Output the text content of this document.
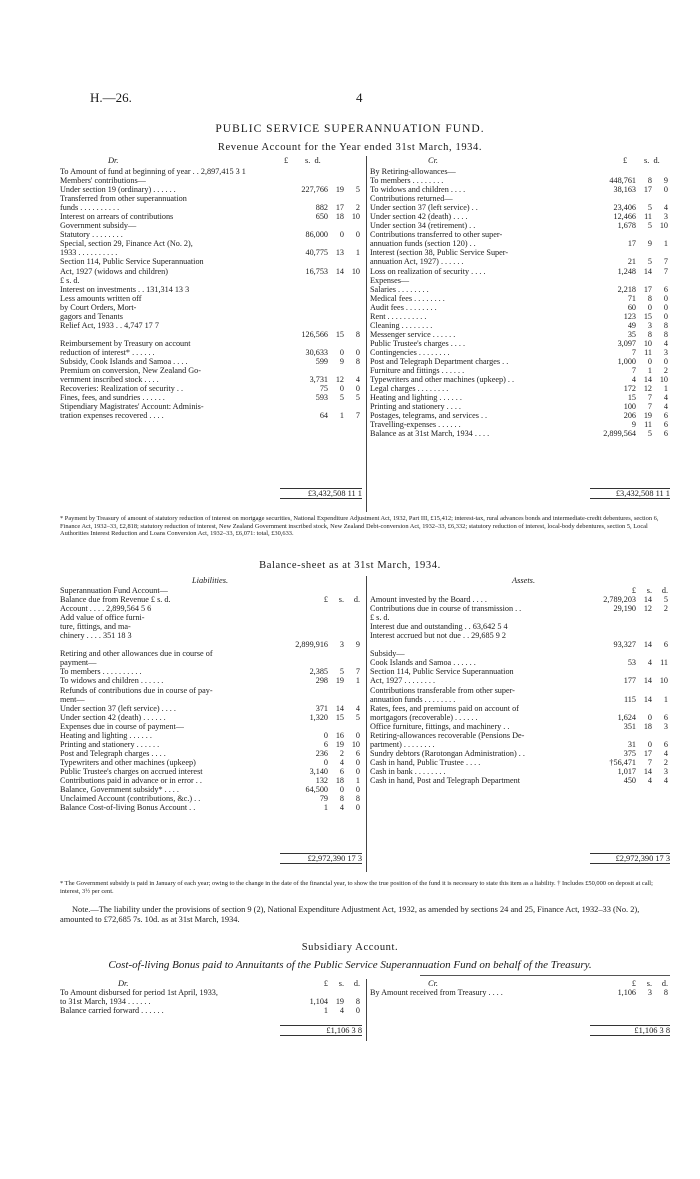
H.—26.	4
PUBLIC SERVICE SUPERANNUATION FUND.
Revenue Account for the Year ended 31st March, 1934.
Dr.	£ s. d.
To Amount of fund at beginning of year . . 2,897,415 3 1			
Members' contributions—			
Under section 19 (ordinary) . . . . . .	227,766	19	5
Transferred from other superannuation			
funds . . . . . . . . . .	882	17	2
Interest on arrears of contributions	650	18	10
Government subsidy—			
Statutory . . . . . . . .	86,000	0	0
Special, section 29, Finance Act (No. 2),			
1933 . . . . . . . . . .	40,775	13	1
Section 114, Public Service Superannuation			
Act, 1927 (widows and children)	16,753	14	10
£ s. d.			
Interest on investments . . 131,314 13 3			
Less amounts written off			
by Court Orders, Mort-			
gagors and Tenants			
Relief Act, 1933 . . 4,747 17 7			
	126,566	15	8
Reimbursement by Treasury on account			
reduction of interest* . . . . . .	30,633	0	0
Subsidy, Cook Islands and Samoa . . . .	599	9	8
Premium on conversion, New Zealand Go-			
vernment inscribed stock . . . .	3,731	12	4
Recoveries: Realization of security . .	75	0	0
Fines, fees, and sundries . . . . . .	593	5	5
Stipendiary Magistrates' Account: Adminis-			
tration expenses recovered . . . .	64	1	7
Cr.	£ s. d.
By Retiring-allowances—			
To members . . . . . . . .	448,761	8	9
To widows and children . . . .	38,163	17	0
Contributions returned—			
Under section 37 (left service) . .	23,406	5	4
Under section 42 (death) . . . .	12,466	11	3
Under section 34 (retirement) . .	1,678	5	10
Contributions transferred to other super-			
annuation funds (section 120) . .	17	9	1
Interest (section 38, Public Service Super-			
annuation Act, 1927) . . . . . .	21	5	7
Loss on realization of security . . . .	1,248	14	7
Expenses—			
Salaries . . . . . . . .	2,218	17	6
Medical fees . . . . . . . .	71	8	0
Audit fees . . . . . . . .	60	0	0
Rent . . . . . . . . . .	123	15	0
Cleaning . . . . . . . .	49	3	8
Messenger service . . . . . .	35	8	8
Public Trustee's charges . . . .	3,097	10	4
Contingencies . . . . . . . .	7	11	3
Post and Telegraph Department charges . .	1,000	0	0
Furniture and fittings . . . . . .	7	1	2
Typewriters and other machines (upkeep) . .	4	14	10
Legal charges . . . . . . . .	172	12	1
Heating and lighting . . . . . .	15	7	4
Printing and stationery . . . .	100	7	4
Postages, telegrams, and services . .	206	19	6
Travelling-expenses . . . . . .	9	11	6
Balance as at 31st March, 1934 . . . .	2,899,564	5	6
£3,432,508 11 1	£3,432,508 11 1
* Payment by Treasury of amount of statutory reduction of interest on mortgage securities, National Expenditure Adjustment Act, 1932, Part III, £15,412; interest-tax, rural advances bonds and intermediate-credit debentures, section 6, Finance Act, 1932–33, £2,818; statutory reduction of interest, New Zealand Government inscribed stock, New Zealand Debt-conversion Act, 1932–33, £6,332; statutory reduction of interest, local-body debentures, section 5, Local Authorities Interest Reduction and Loans Conversion Act, 1932–33, £6,071: total, £30,633.
Balance-sheet as at 31st March, 1934.
Liabilities.	Assets.
Superannuation Fund Account—			
Balance due from Revenue £ s. d.	£	s.	d.
Account . . . . 2,899,564 5 6			
Add value of office furni-			
ture, fittings, and ma-			
chinery . . . . 351 18 3			
	2,899,916	3	9

Retiring and other allowances due in course of			
payment—			
To members . . . . . . . . . .	2,385	5	7
To widows and children . . . . . .	298	19	1
Refunds of contributions due in course of pay-			
ment—			
Under section 37 (left service) . . . .	371	14	4
Under section 42 (death) . . . . . .	1,320	15	5
Expenses due in course of payment—			
Heating and lighting . . . . . .	0	16	0
Printing and stationery . . . . . .	6	19	10
Post and Telegraph charges . . . .	236	2	6
Typewriters and other machines (upkeep)	0	4	0
Public Trustee's charges on accrued interest	3,140	6	0
Contributions paid in advance or in error . .	132	18	1
Balance, Government subsidy* . . . .	64,500	0	0
Unclaimed Account (contributions, &c.) . .	79	8	8
Balance Cost-of-living Bonus Account . .	1	4	0
	£	s.	d.
Amount invested by the Board . . . .	2,789,203	14	5
Contributions due in course of transmission . .	29,190	12	2
£ s. d.			
Interest due and outstanding . . 63,642 5 4			
Interest accrued but not due . . 29,685 9 2			
	93,327	14	6
Subsidy—			
Cook Islands and Samoa . . . . . .	53	4	11
Section 114, Public Service Superannuation			
Act, 1927 . . . . . . . .	177	14	10
Contributions transferable from other super-			
annuation funds . . . . . . . .	115	14	1
Rates, fees, and premiums paid on account of			
mortgagors (recoverable) . . . . . .	1,624	0	6
Office furniture, fittings, and machinery . .	351	18	3
Retiring-allowances recoverable (Pensions De-			
partment) . . . . . . . .	31	0	6
Sundry debtors (Rarotongan Administration) . .	375	17	4
Cash in hand, Public Trustee . . . .	†56,471	7	2
Cash in bank . . . . . . . .	1,017	14	3
Cash in hand, Post and Telegraph Department	450	4	4
£2,972,390 17 3	£2,972,390 17 3
* The Government subsidy is paid in January of each year; owing to the change in the date of the financial year, to show the true position of the fund it is necessary to state this item as a liability. † Includes £50,000 on deposit at call; interest, 3½ per cent.
Note.—The liability under the provisions of section 9 (2), National Expenditure Adjustment Act, 1932, as amended by sections 24 and 25, Finance Act, 1932–33 (No. 2), amounted to £72,685 7s. 10d. as at 31st March, 1934.
Subsidiary Account.
Cost-of-living Bonus paid to Annuitants of the Public Service Superannuation Fund on behalf of the Treasury.
Dr.	Cr.
	£	s.	d.
To Amount disbursed for period 1st April, 1933,			
to 31st March, 1934 . . . . . .	1,104	19	8
Balance carried forward . . . . . .	1	4	0
	£	s.	d.
By Amount received from Treasury . . . .	1,106	3	8
£1,106 3 8	£1,106 3 8
